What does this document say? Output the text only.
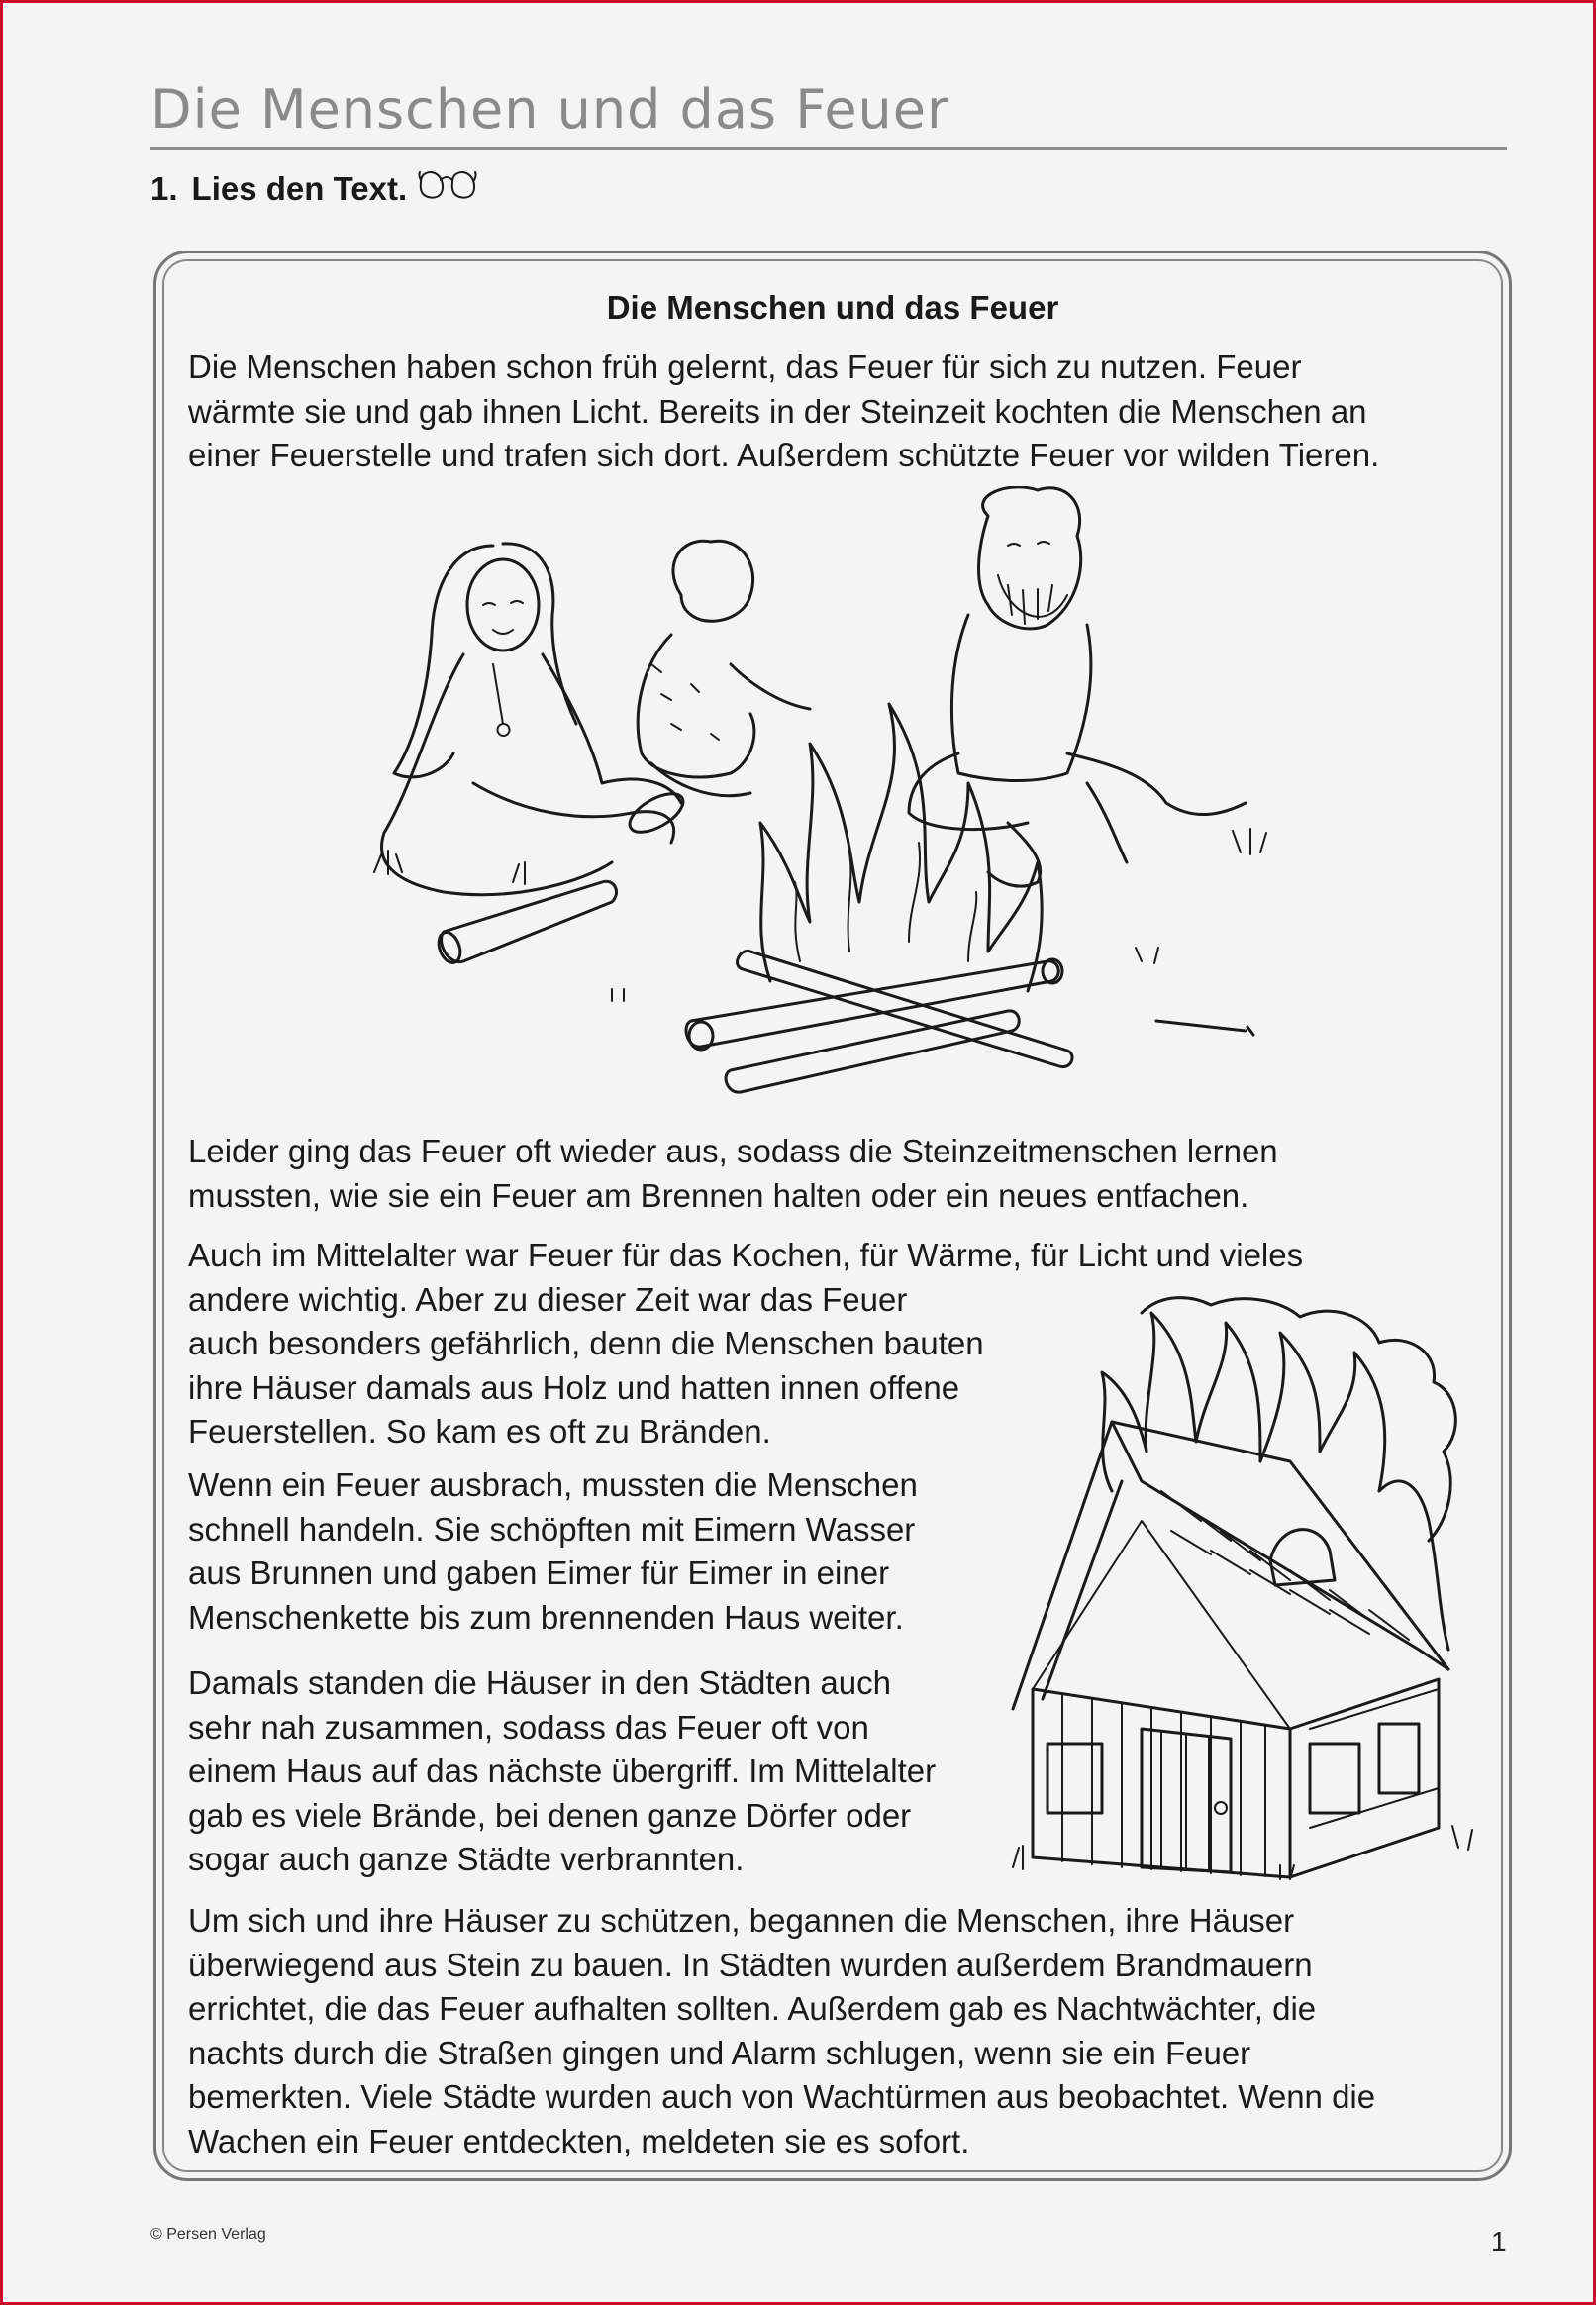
Die Menschen und das Feuer
1. Lies den Text.
Die Menschen und das Feuer
Die Menschen haben schon früh gelernt, das Feuer für sich zu nutzen. Feuer
wärmte sie und gab ihnen Licht. Bereits in der Steinzeit kochten die Menschen an
einer Feuerstelle und trafen sich dort. Außerdem schützte Feuer vor wilden Tieren.
Leider ging das Feuer oft wieder aus, sodass die Steinzeitmenschen lernen
mussten, wie sie ein Feuer am Brennen halten oder ein neues entfachen.
Auch im Mittelalter war Feuer für das Kochen, für Wärme, für Licht und vieles
andere wichtig. Aber zu dieser Zeit war das Feuer
auch besonders gefährlich, denn die Menschen bauten
ihre Häuser damals aus Holz und hatten innen offene
Feuerstellen. So kam es oft zu Bränden.
Wenn ein Feuer ausbrach, mussten die Menschen
schnell handeln. Sie schöpften mit Eimern Wasser
aus Brunnen und gaben Eimer für Eimer in einer
Menschenkette bis zum brennenden Haus weiter.
Damals standen die Häuser in den Städten auch
sehr nah zusammen, sodass das Feuer oft von
einem Haus auf das nächste übergriff. Im Mittelalter
gab es viele Brände, bei denen ganze Dörfer oder
sogar auch ganze Städte verbrannten.
Um sich und ihre Häuser zu schützen, begannen die Menschen, ihre Häuser
überwiegend aus Stein zu bauen. In Städten wurden außerdem Brandmauern
errichtet, die das Feuer aufhalten sollten. Außerdem gab es Nachtwächter, die
nachts durch die Straßen gingen und Alarm schlugen, wenn sie ein Feuer
bemerkten. Viele Städte wurden auch von Wachtürmen aus beobachtet. Wenn die
Wachen ein Feuer entdeckten, meldeten sie es sofort.
© Persen Verlag	1
